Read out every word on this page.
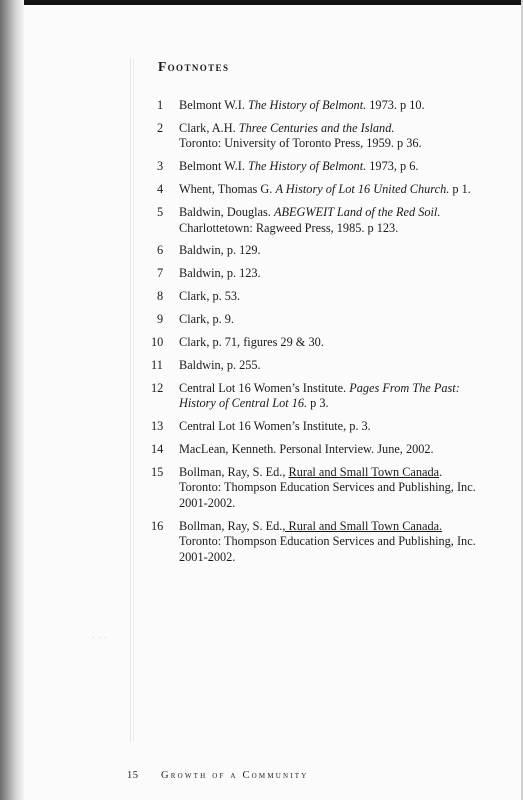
Footnotes
1	Belmont W.I. The History of Belmont. 1973. p 10.
2	Clark, A.H. Three Centuries and the Island.
Toronto: University of Toronto Press, 1959. p 36.
3	Belmont W.I. The History of Belmont. 1973, p 6.
4	Whent, Thomas G. A History of Lot 16 United Church. p 1.
5	Baldwin, Douglas. ABEGWEIT Land of the Red Soil.
Charlottetown: Ragweed Press, 1985. p 123.
6	Baldwin, p. 129.
7	Baldwin, p. 123.
8	Clark, p. 53.
9	Clark, p. 9.
10	Clark, p. 71, figures 29 & 30.
11	Baldwin, p. 255.
12	Central Lot 16 Women’s Institute. Pages From The Past:
History of Central Lot 16. p 3.
13	Central Lot 16 Women’s Institute, p. 3.
14	MacLean, Kenneth. Personal Interview. June, 2002.
15	Bollman, Ray, S. Ed., Rural and Small Town Canada.
Toronto: Thompson Education Services and Publishing, Inc.
2001-2002.
16	Bollman, Ray, S. Ed., Rural and Small Town Canada.
Toronto: Thompson Education Services and Publishing, Inc.
2001-2002.
· · ·
15 Growth of a Community
